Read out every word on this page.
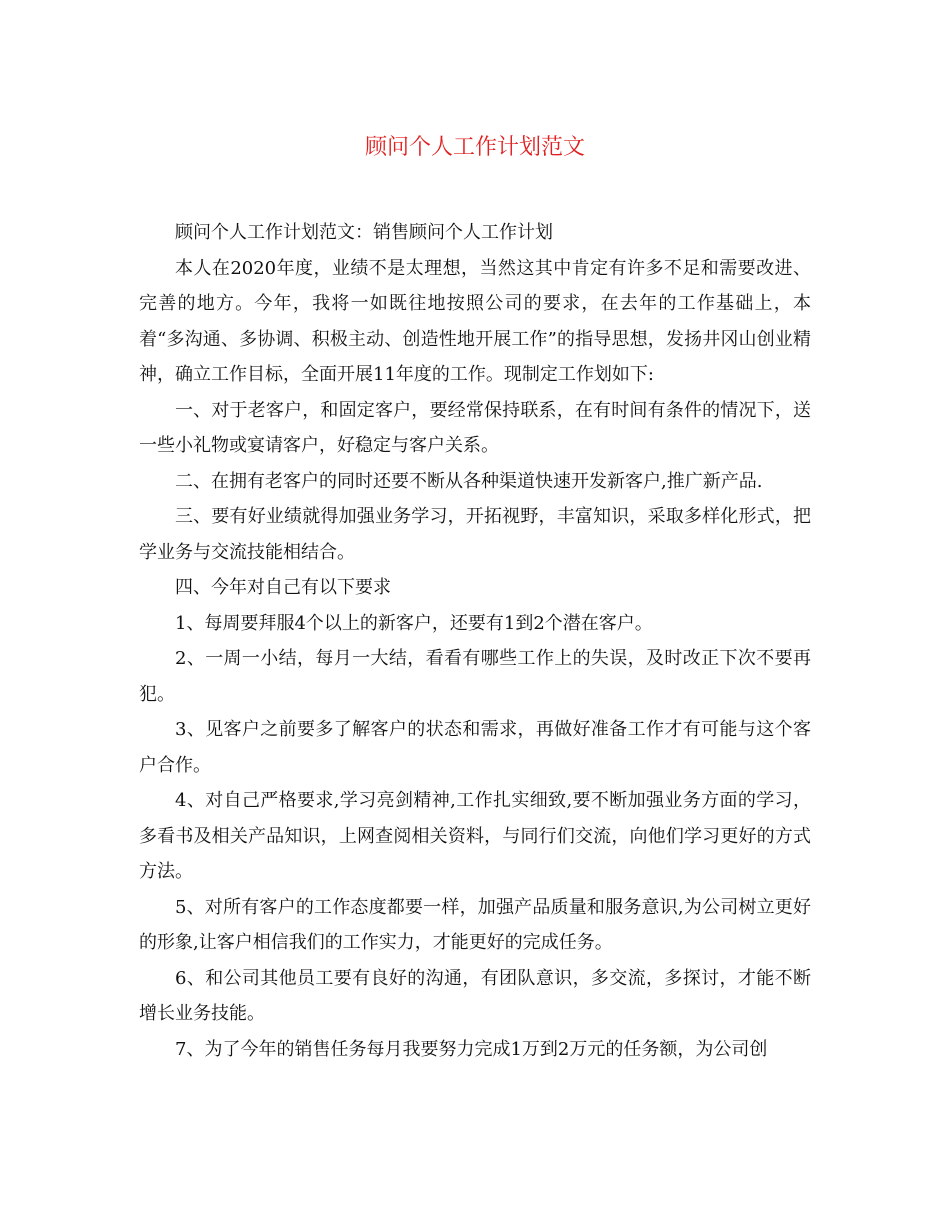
顾问个人工作计划范文

顾问个人工作计划范文：销售顾问个人工作计划

本人在2020年度，业绩不是太理想，当然这其中肯定有许多不足和需要改进、完善的地方。今年，我将一如既往地按照公司的要求，在去年的工作基础上，本着“多沟通、多协调、积极主动、创造性地开展工作”的指导思想，发扬井冈山创业精神，确立工作目标，全面开展11年度的工作。现制定工作划如下:

一、对于老客户，和固定客户，要经常保持联系，在有时间有条件的情况下，送一些小礼物或宴请客户，好稳定与客户关系。

二、在拥有老客户的同时还要不断从各种渠道快速开发新客户,推广新产品.

三、要有好业绩就得加强业务学习，开拓视野，丰富知识，采取多样化形式，把学业务与交流技能相结合。

四、今年对自己有以下要求

1、每周要拜服4个以上的新客户，还要有1到2个潜在客户。

2、一周一小结，每月一大结，看看有哪些工作上的失误，及时改正下次不要再犯。

3、见客户之前要多了解客户的状态和需求，再做好准备工作才有可能与这个客户合作。

4、对自己严格要求,学习亮剑精神,工作扎实细致,要不断加强业务方面的学习，多看书及相关产品知识，上网查阅相关资料，与同行们交流，向他们学习更好的方式方法。

5、对所有客户的工作态度都要一样，加强产品质量和服务意识,为公司树立更好的形象,让客户相信我们的工作实力，才能更好的完成任务。

6、和公司其他员工要有良好的沟通，有团队意识，多交流，多探讨，才能不断增长业务技能。

7、为了今年的销售任务每月我要努力完成1万到2万元的任务额，为公司创
